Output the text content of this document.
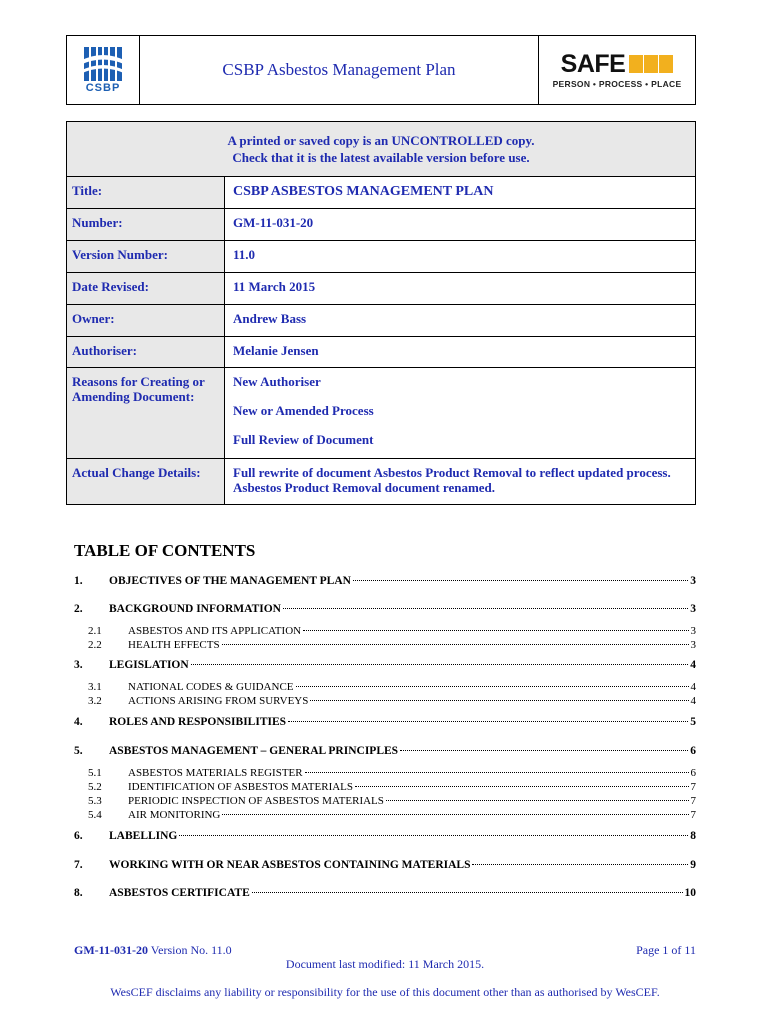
CSBP
CSBP Asbestos Management Plan	SAFE
PERSON • PROCESS • PLACE
A printed or saved copy is an UNCONTROLLED copy.
Check that it is the latest available version before use.
Title:	CSBP ASBESTOS MANAGEMENT PLAN
Number:	GM-11-031-20
Version Number:	11.0
Date Revised:	11 March 2015
Owner:	Andrew Bass
Authoriser:	Melanie Jensen
Reasons for Creating or Amending Document:

New Authoriser

New or Amended Process

Full Review of Document

Actual Change Details:	Full rewrite of document Asbestos Product Removal to reflect updated process. Asbestos Product Removal document renamed.
TABLE OF CONTENTS
1.	OBJECTIVES OF THE MANAGEMENT PLAN	3
2.	BACKGROUND INFORMATION	3
2.1	ASBESTOS AND ITS APPLICATION	3
2.2	HEALTH EFFECTS	3
3.	LEGISLATION	4
3.1	NATIONAL CODES & GUIDANCE	4
3.2	ACTIONS ARISING FROM SURVEYS	4
4.	ROLES AND RESPONSIBILITIES	5
5.	ASBESTOS MANAGEMENT – GENERAL PRINCIPLES	6
5.1	ASBESTOS MATERIALS REGISTER	6
5.2	IDENTIFICATION OF ASBESTOS MATERIALS	7
5.3	PERIODIC INSPECTION OF ASBESTOS MATERIALS	7
5.4	AIR MONITORING	7
6.	LABELLING	8
7.	WORKING WITH OR NEAR ASBESTOS CONTAINING MATERIALS	9
8.	ASBESTOS CERTIFICATE	10
GM-11-031-20 Version No. 11.0	Page 1 of 11
Document last modified: 11 March 2015.
WesCEF disclaims any liability or responsibility for the use of this document other than as authorised by WesCEF.
